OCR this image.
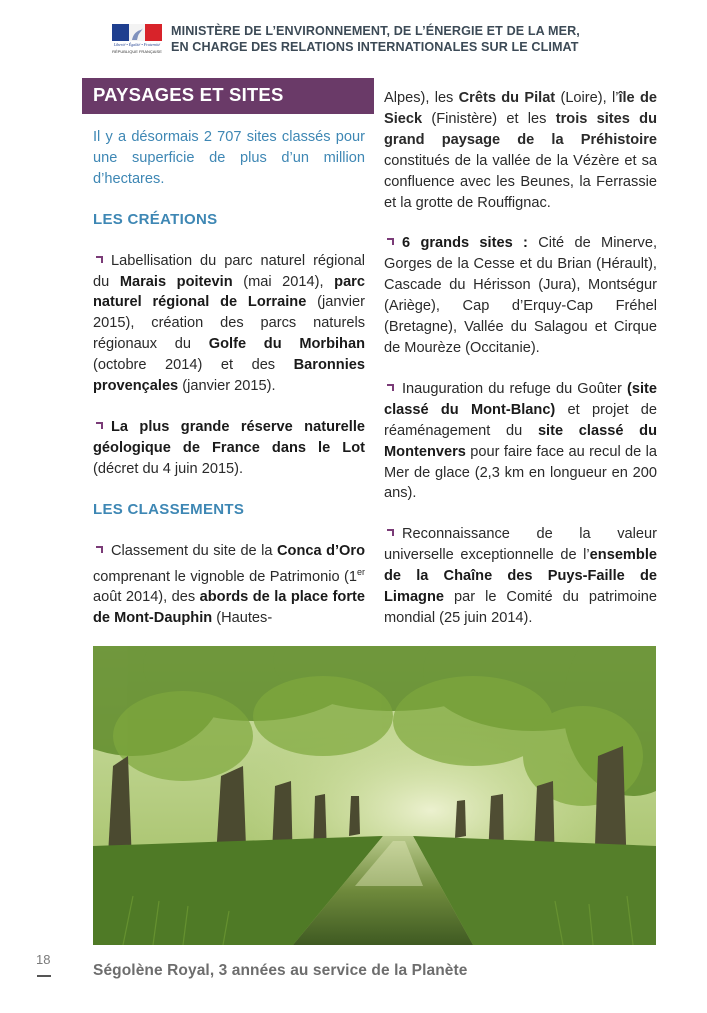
Liberté • Égalité • Fraternité
RÉPUBLIQUE FRANÇAISE
MINISTÈRE DE L’ENVIRONNEMENT, DE L’ÉNERGIE ET DE LA MER,
EN CHARGE DES RELATIONS INTERNATIONALES SUR LE CLIMAT
PAYSAGES ET SITES

Il y a désormais 2 707 sites classés pour une superficie de plus d’un million d’hectares.

LES CRÉATIONS

Labellisation du parc naturel régional du Marais poitevin (mai 2014), parc naturel régional de Lorraine (janvier 2015), création des parcs naturels régionaux du Golfe du Morbihan (octobre 2014) et des Baronnies provençales (janvier 2015).

La plus grande réserve naturelle géologique de France dans le Lot (décret du 4 juin 2015).

LES CLASSEMENTS

Classement du site de la Conca d’Oro comprenant le vignoble de Patrimonio (1er août 2014), des abords de la place forte de Mont-Dauphin (Hautes-

Alpes), les Crêts du Pilat (Loire), l’île de Sieck (Finistère) et les trois sites du grand paysage de la Préhistoire constitués de la vallée de la Vézère et sa confluence avec les Beunes, la Ferrassie et la grotte de Rouffignac.

6 grands sites : Cité de Minerve, Gorges de la Cesse et du Brian (Hérault), Cascade du Hérisson (Jura), Montségur (Ariège), Cap d’Erquy-Cap Fréhel (Bretagne), Vallée du Salagou et Cirque de Mourèze (Occitanie).

Inauguration du refuge du Goûter (site classé du Mont-Blanc) et projet de réaménagement du site classé du Montenvers pour faire face au recul de la Mer de glace (2,3 km en longueur en 200 ans).

Reconnaissance de la valeur universelle exceptionnelle de l’ensemble de la Chaîne des Puys-Faille de Limagne par le Comité du patrimoine mondial (25 juin 2014).

18
Ségolène Royal, 3 années au service de la Planète
